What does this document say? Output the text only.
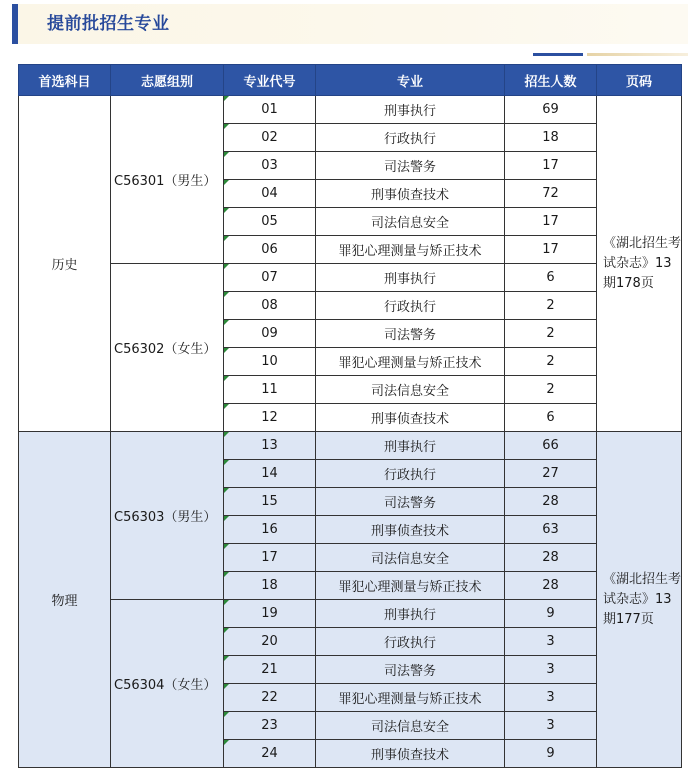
提前批招生专业
首选科目	志愿组别	专业代号	专业	招生人数	页码
历史	C56301（男生）	01	刑事执行	69	《湖北招生考试杂志》13期178页

		02	行政执行	18	
		03	司法警务	17	
		04	刑事侦查技术	72	
		05	司法信息安全	17	
		06	罪犯心理测量与矫正技术	17	
	C56302（女生）	07	刑事执行	6	
		08	行政执行	2	
		09	司法警务	2	
		10	罪犯心理测量与矫正技术	2	
		11	司法信息安全	2	
		12	刑事侦查技术	6	
物理	C56303（男生）	13	刑事执行	66	《湖北招生考试杂志》13期177页

		14	行政执行	27	
		15	司法警务	28	
		16	刑事侦查技术	63	
		17	司法信息安全	28	
		18	罪犯心理测量与矫正技术	28	
	C56304（女生）	19	刑事执行	9	
		20	行政执行	3	
		21	司法警务	3	
		22	罪犯心理测量与矫正技术	3	
		23	司法信息安全	3	
		24	刑事侦查技术	9	
